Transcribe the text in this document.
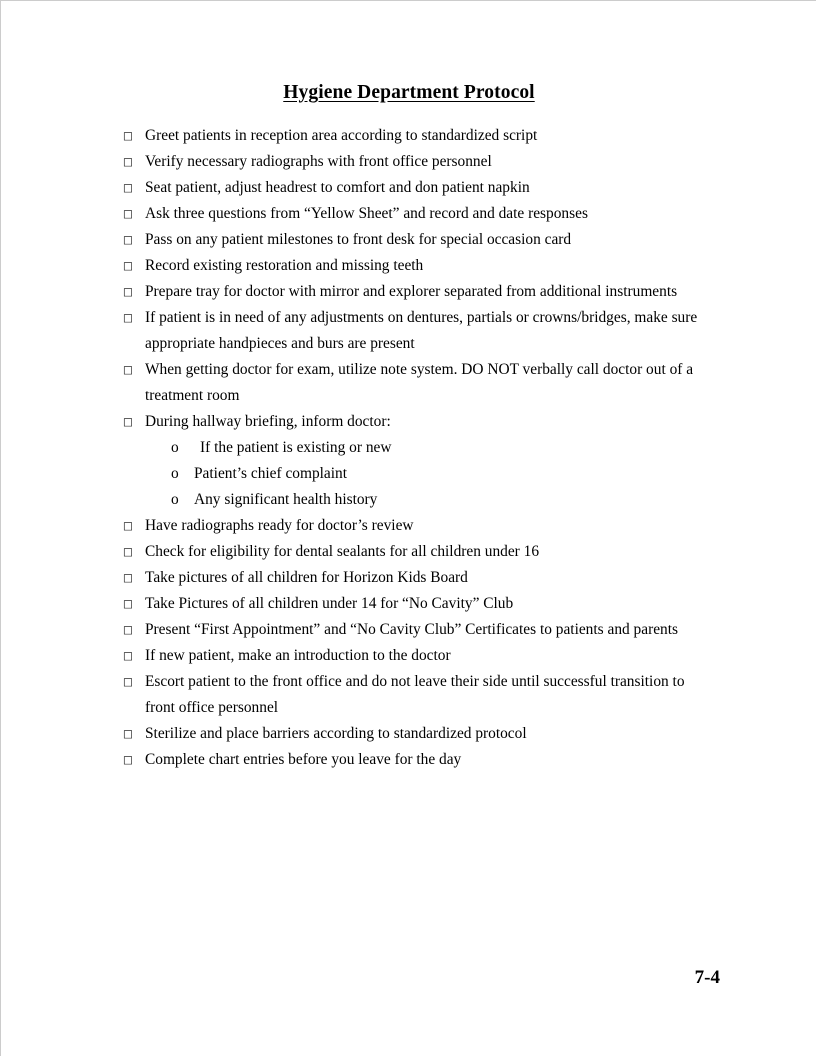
Hygiene Department Protocol
□ Greet patients in reception area according to standardized script
□ Verify necessary radiographs with front office personnel
□ Seat patient, adjust headrest to comfort and don patient napkin
□ Ask three questions from “Yellow Sheet” and record and date responses
□ Pass on any patient milestones to front desk for special occasion card
□ Record existing restoration and missing teeth
□ Prepare tray for doctor with mirror and explorer separated from additional instruments
□ If patient is in need of any adjustments on dentures, partials or crowns/bridges, make sure appropriate handpieces and burs are present
□ When getting doctor for exam, utilize note system. DO NOT verbally call doctor out of a treatment room
□ During hallway briefing, inform doctor:
o	If the patient is existing or new
o Patient’s chief complaint
o Any significant health history
□ Have radiographs ready for doctor’s review
□ Check for eligibility for dental sealants for all children under 16
□ Take pictures of all children for Horizon Kids Board
□ Take Pictures of all children under 14 for “No Cavity” Club
□ Present “First Appointment” and “No Cavity Club” Certificates to patients and parents
□ If new patient, make an introduction to the doctor
□ Escort patient to the front office and do not leave their side until successful transition to front office personnel
□ Sterilize and place barriers according to standardized protocol
□ Complete chart entries before you leave for the day
7-4
